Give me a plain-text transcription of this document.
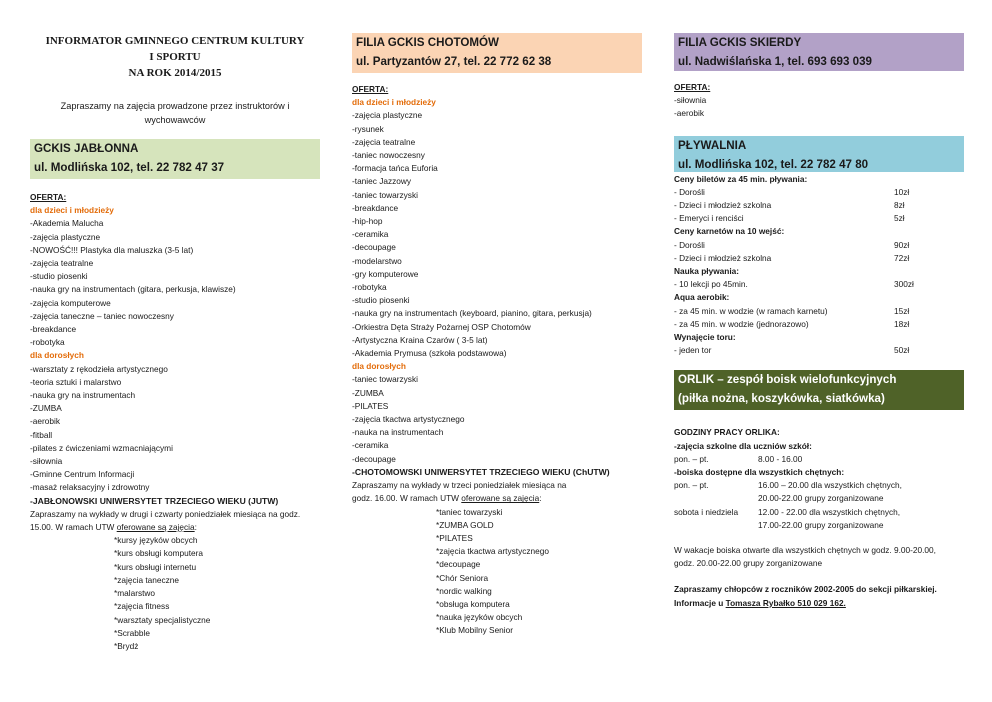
INFORMATOR GMINNEGO CENTRUM KULTURY
I SPORTU
NA ROK 2014/2015
Zapraszamy na zajęcia prowadzone przez instruktorów i
wychowawców
GCKIS JABŁONNA
ul. Modlińska 102, tel. 22 782 47 37
OFERTA:
dla dzieci i młodzieży
-Akademia Malucha
-zajęcia plastyczne
-NOWOŚĆ!!! Plastyka dla maluszka (3-5 lat)
-zajęcia teatralne
-studio piosenki
-nauka gry na instrumentach (gitara, perkusja, klawisze)
-zajęcia komputerowe
-zajęcia taneczne – taniec nowoczesny
-breakdance
-robotyka
dla dorosłych
-warsztaty z rękodzieła artystycznego
-teoria sztuki i malarstwo
-nauka gry na instrumentach
-ZUMBA
-aerobik
-fitball
-pilates z ćwiczeniami wzmacniającymi
-siłownia
-Gminne Centrum Informacji
-masaż relaksacyjny i zdrowotny
-JABŁONOWSKI UNIWERSYTET TRZECIEGO WIEKU (JUTW)
Zapraszamy na wykłady w drugi i czwarty poniedziałek miesiąca na godz.
15.00. W ramach UTW oferowane są zajęcia:
*kursy języków obcych
*kurs obsługi komputera
*kurs obsługi internetu
*zajęcia taneczne
*malarstwo
*zajęcia fitness
*warsztaty specjalistyczne
*Scrabble
*Brydż
FILIA GCKIS CHOTOMÓW
ul. Partyzantów 27, tel. 22 772 62 38
OFERTA:
dla dzieci i młodzieży
-zajęcia plastyczne
-rysunek
-zajęcia teatralne
-taniec nowoczesny
-formacja tańca Euforia
-taniec Jazzowy
-taniec towarzyski
-breakdance
-hip-hop
-ceramika
-decoupage
-modelarstwo
-gry komputerowe
-robotyka
-studio piosenki
-nauka gry na instrumentach (keyboard, pianino, gitara, perkusja)
-Orkiestra Dęta Straży Pożarnej OSP Chotomów
-Artystyczna Kraina Czarów ( 3-5 lat)
-Akademia Prymusa (szkoła podstawowa)
dla dorosłych
-taniec towarzyski
-ZUMBA
-PILATES
-zajęcia tkactwa artystycznego
-nauka na instrumentach
-ceramika
-decoupage
-CHOTOMOWSKI UNIWERSYTET TRZECIEGO WIEKU (ChUTW)
Zapraszamy na wykłady w trzeci poniedziałek miesiąca na
godz. 16.00. W ramach UTW oferowane są zajęcia:
*taniec towarzyski
*ZUMBA GOLD
*PILATES
*zajęcia tkactwa artystycznego
*decoupage
*Chór Seniora
*nordic walking
*obsługa komputera
*nauka języków obcych
*Klub Mobilny Senior
FILIA GCKIS SKIERDY
ul. Nadwiślańska 1, tel. 693 693 039
OFERTA:
-siłownia
-aerobik
PŁYWALNIA
ul. Modlińska 102, tel. 22 782 47 80
Ceny biletów za 45 min. pływania:
- Dorośli	10zł
- Dzieci i młodzież szkolna	8zł
- Emeryci i renciści	5zł
Ceny karnetów na 10 wejść:
- Dorośli	90zł
- Dzieci i młodzież szkolna	72zł
Nauka pływania:
- 10 lekcji po 45min.	300zł
Aqua aerobik:
- za 45 min. w wodzie (w ramach karnetu)	15zł
- za 45 min. w wodzie (jednorazowo)	18zł
Wynajęcie toru:
- jeden tor	50zł
ORLIK – zespół boisk wielofunkcyjnych
(piłka nożna, koszykówka, siatkówka)
GODZINY PRACY ORLIKA:
-zajęcia szkolne dla uczniów szkół:
pon. – pt.	8.00 - 16.00
-boiska dostępne dla wszystkich chętnych:
pon. – pt.	16.00 – 20.00 dla wszystkich chętnych,
20.00-22.00 grupy zorganizowane
sobota i niedziela	12.00 - 22.00 dla wszystkich chętnych,
17.00-22.00 grupy zorganizowane
W wakacje boiska otwarte dla wszystkich chętnych w godz. 9.00-20.00,
godz. 20.00-22.00 grupy zorganizowane
Zapraszamy chłopców z roczników 2002-2005 do sekcji piłkarskiej.
Informacje u Tomasza Rybałko 510 029 162.
